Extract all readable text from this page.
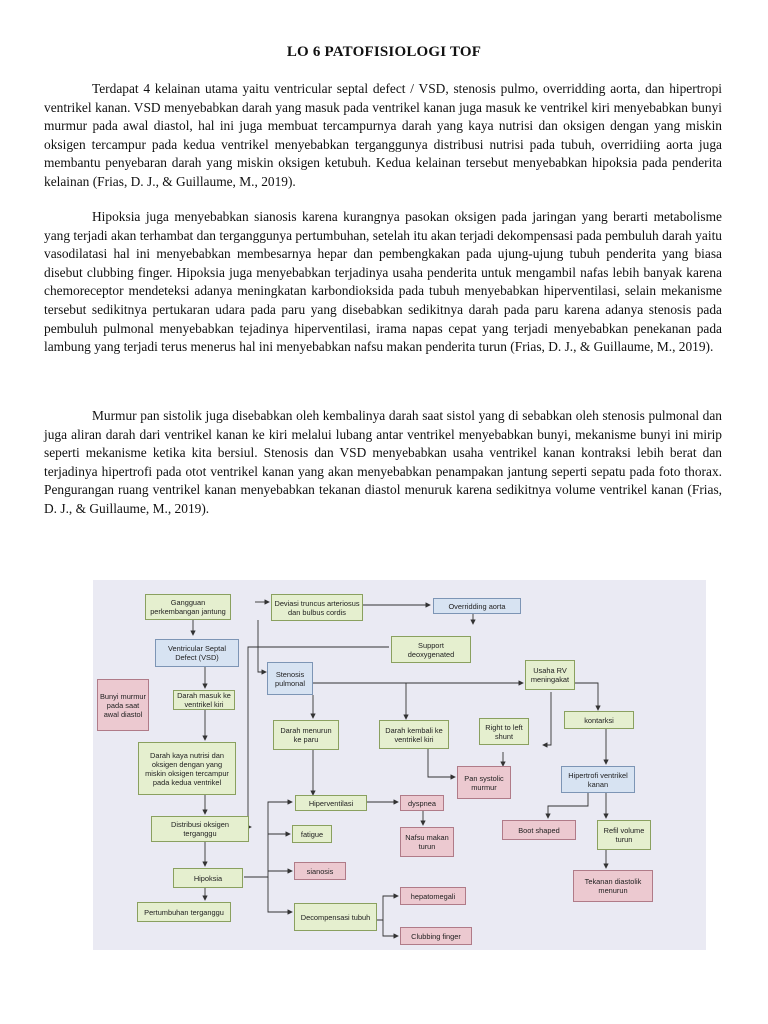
LO 6 PATOFISIOLOGI TOF

Terdapat 4 kelainan utama yaitu ventricular septal defect / VSD, stenosis pulmo, overridding aorta, dan hipertropi ventrikel kanan. VSD menyebabkan darah yang masuk pada ventrikel kanan juga masuk ke ventrikel kiri menyebabkan bunyi murmur pada awal diastol, hal ini juga membuat tercampurnya darah yang kaya nutrisi dan oksigen dengan yang miskin oksigen tercampur pada kedua ventrikel menyebabkan terganggunya distribusi nutrisi pada tubuh, overridiing aorta juga membantu penyebaran darah yang miskin oksigen ketubuh. Kedua kelainan tersebut menyebabkan hipoksia pada penderita kelainan (Frias, D. J., & Guillaume, M., 2019).

Hipoksia juga menyebabkan sianosis karena kurangnya pasokan oksigen pada jaringan yang berarti metabolisme yang terjadi akan terhambat dan terganggunya pertumbuhan, setelah itu akan terjadi dekompensasi pada pembuluh darah yaitu vasodilatasi hal ini menyebabkan membesarnya hepar dan pembengkakan pada ujung-ujung tubuh penderita yang biasa disebut clubbing finger. Hipoksia juga menyebabkan terjadinya usaha penderita untuk mengambil nafas lebih banyak karena chemoreceptor mendeteksi adanya meningkatan karbondioksida pada tubuh menyebabkan hiperventilasi, selain mekanisme tersebut sedikitnya pertukaran udara pada paru yang disebabkan sedikitnya darah pada paru karena adanya stenosis pada pembuluh pulmonal menyebabkan tejadinya hiperventilasi, irama napas cepat yang terjadi menyebabkan penekanan pada lambung yang terjadi terus menerus hal ini menyebabkan nafsu makan penderita turun (Frias, D. J., & Guillaume, M., 2019).

Murmur pan sistolik juga disebabkan oleh kembalinya darah saat sistol yang di sebabkan oleh stenosis pulmonal dan juga aliran darah dari ventrikel kanan ke kiri melalui lubang antar ventrikel menyebabkan bunyi, mekanisme bunyi ini mirip seperti mekanisme ketika kita bersiul. Stenosis dan VSD menyebabkan usaha ventrikel kanan kontraksi lebih berat dan terjadinya hipertrofi pada otot ventrikel kanan yang akan menyebabkan penampakan jantung seperti sepatu pada foto thorax. Pengurangan ruang ventrikel kanan menyebabkan tekanan diastol menuruk karena sedikitnya volume ventrikel kanan (Frias, D. J., & Guillaume, M., 2019).

Gangguan perkembangan jantung
Deviasi truncus arteriosus dan bulbus cordis
Overridding aorta
Ventricular Septal Defect (VSD)
Support deoxygenated
Bunyi murmur pada saat awal diastol
Stenosis pulmonal
Usaha RV meningakat
Darah masuk ke ventrikel kiri
Right to left shunt
kontarksi
Darah menurun ke paru
Darah kembali ke ventrikel kiri
Darah kaya nutrisi dan oksigen dengan yang miskin oksigen tercampur pada kedua ventrikel	Pan systolic murmur
Hipertrofi ventrikel kanan
Hiperventilasi	dyspnea
Distribusi oksigen terganggu	fatigue	Nafsu makan turun
Boot shaped	Refil volume turun
sianosis
Hipoksia	Tekanan diastolik menurun
hepatomegali
Pertumbuhan terganggu
Decompensasi tubuh
Clubbing finger
